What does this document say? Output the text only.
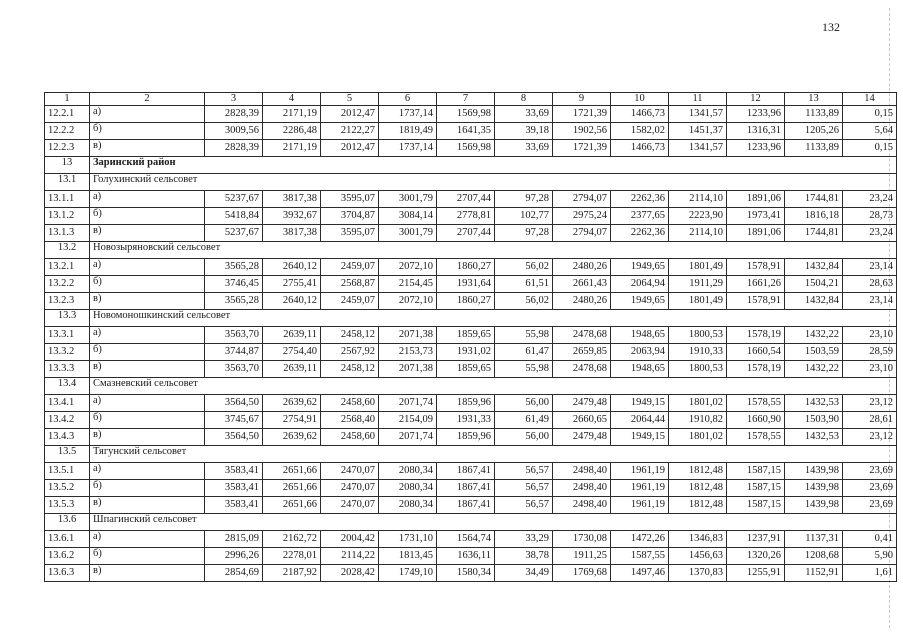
132
1	2	3	4	5	6	7	8	9	10	11	12	13	14
12.2.1	а)	2828,39	2171,19	2012,47	1737,14	1569,98	33,69	1721,39	1466,73	1341,57	1233,96	1133,89	0,15
12.2.2	б)	3009,56	2286,48	2122,27	1819,49	1641,35	39,18	1902,56	1582,02	1451,37	1316,31	1205,26	5,64
12.2.3	в)	2828,39	2171,19	2012,47	1737,14	1569,98	33,69	1721,39	1466,73	1341,57	1233,96	1133,89	0,15
13	Заринский район												
13.1	Голухинский сельсовет												
13.1.1	а)	5237,67	3817,38	3595,07	3001,79	2707,44	97,28	2794,07	2262,36	2114,10	1891,06	1744,81	23,24
13.1.2	б)	5418,84	3932,67	3704,87	3084,14	2778,81	102,77	2975,24	2377,65	2223,90	1973,41	1816,18	28,73
13.1.3	в)	5237,67	3817,38	3595,07	3001,79	2707,44	97,28	2794,07	2262,36	2114,10	1891,06	1744,81	23,24
13.2	Новозыряновский сельсовет												
13.2.1	а)	3565,28	2640,12	2459,07	2072,10	1860,27	56,02	2480,26	1949,65	1801,49	1578,91	1432,84	23,14
13.2.2	б)	3746,45	2755,41	2568,87	2154,45	1931,64	61,51	2661,43	2064,94	1911,29	1661,26	1504,21	28,63
13.2.3	в)	3565,28	2640,12	2459,07	2072,10	1860,27	56,02	2480,26	1949,65	1801,49	1578,91	1432,84	23,14
13.3	Новомоношкинский сельсовет												
13.3.1	а)	3563,70	2639,11	2458,12	2071,38	1859,65	55,98	2478,68	1948,65	1800,53	1578,19	1432,22	23,10
13.3.2	б)	3744,87	2754,40	2567,92	2153,73	1931,02	61,47	2659,85	2063,94	1910,33	1660,54	1503,59	28,59
13.3.3	в)	3563,70	2639,11	2458,12	2071,38	1859,65	55,98	2478,68	1948,65	1800,53	1578,19	1432,22	23,10
13.4	Смазневский сельсовет												
13.4.1	а)	3564,50	2639,62	2458,60	2071,74	1859,96	56,00	2479,48	1949,15	1801,02	1578,55	1432,53	23,12
13.4.2	б)	3745,67	2754,91	2568,40	2154,09	1931,33	61,49	2660,65	2064,44	1910,82	1660,90	1503,90	28,61
13.4.3	в)	3564,50	2639,62	2458,60	2071,74	1859,96	56,00	2479,48	1949,15	1801,02	1578,55	1432,53	23,12
13.5	Тягунский сельсовет												
13.5.1	а)	3583,41	2651,66	2470,07	2080,34	1867,41	56,57	2498,40	1961,19	1812,48	1587,15	1439,98	23,69
13.5.2	б)	3583,41	2651,66	2470,07	2080,34	1867,41	56,57	2498,40	1961,19	1812,48	1587,15	1439,98	23,69
13.5.3	в)	3583,41	2651,66	2470,07	2080,34	1867,41	56,57	2498,40	1961,19	1812,48	1587,15	1439,98	23,69
13.6	Шпагинский сельсовет												
13.6.1	а)	2815,09	2162,72	2004,42	1731,10	1564,74	33,29	1730,08	1472,26	1346,83	1237,91	1137,31	0,41
13.6.2	б)	2996,26	2278,01	2114,22	1813,45	1636,11	38,78	1911,25	1587,55	1456,63	1320,26	1208,68	5,90
13.6.3	в)	2854,69	2187,92	2028,42	1749,10	1580,34	34,49	1769,68	1497,46	1370,83	1255,91	1152,91	1,61
